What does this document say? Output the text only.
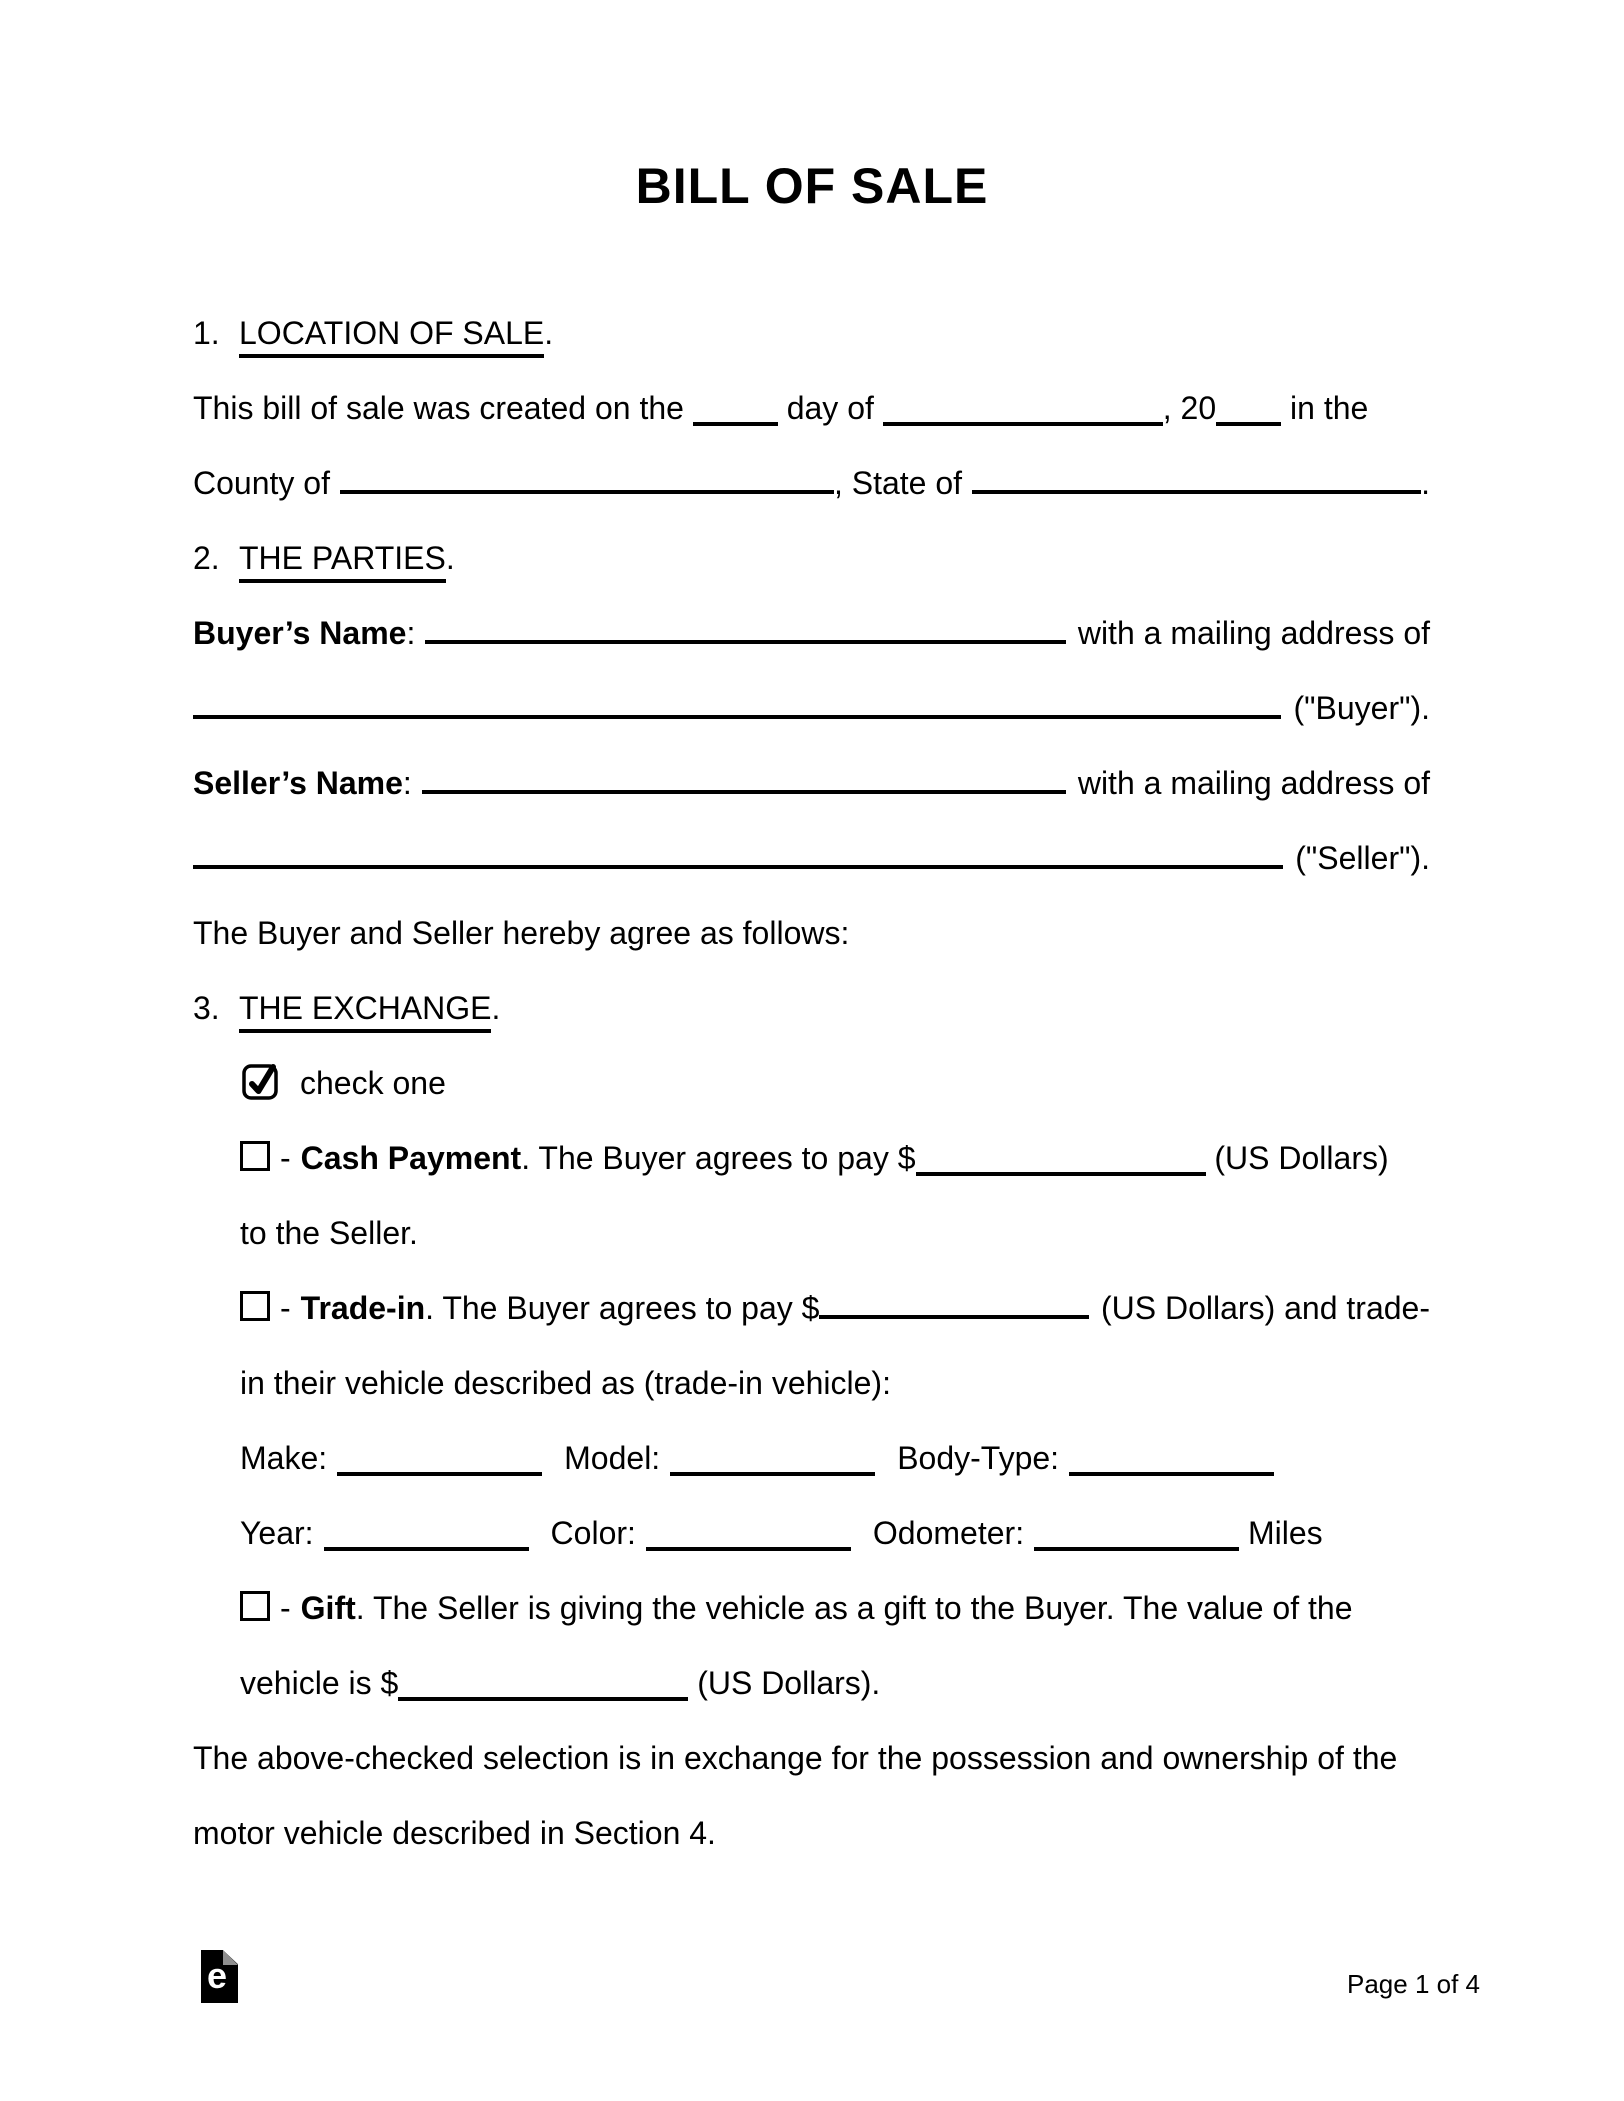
BILL OF SALE
1. LOCATION OF SALE.
This bill of sale was created on the	day of	, 20 in the
County of	, State of	.
2. THE PARTIES.
Buyer’s Name:	with a mailing address of
("Buyer").
Seller’s Name:	with a mailing address of
("Seller").
The Buyer and Seller hereby agree as follows:
3. THE EXCHANGE.
check one
- Cash Payment. The Buyer agrees to pay $	(US Dollars)
to the Seller.
- Trade-in. The Buyer agrees to pay $	(US Dollars) and trade-
in their vehicle described as (trade-in vehicle):
Make:	Model:	Body-Type:
Year:	Color:	Odometer:	Miles
- Gift. The Seller is giving the vehicle as a gift to the Buyer. The value of the
vehicle is $	(US Dollars).
The above-checked selection is in exchange for the possession and ownership of the
motor vehicle described in Section 4.
e	Page 1 of 4
